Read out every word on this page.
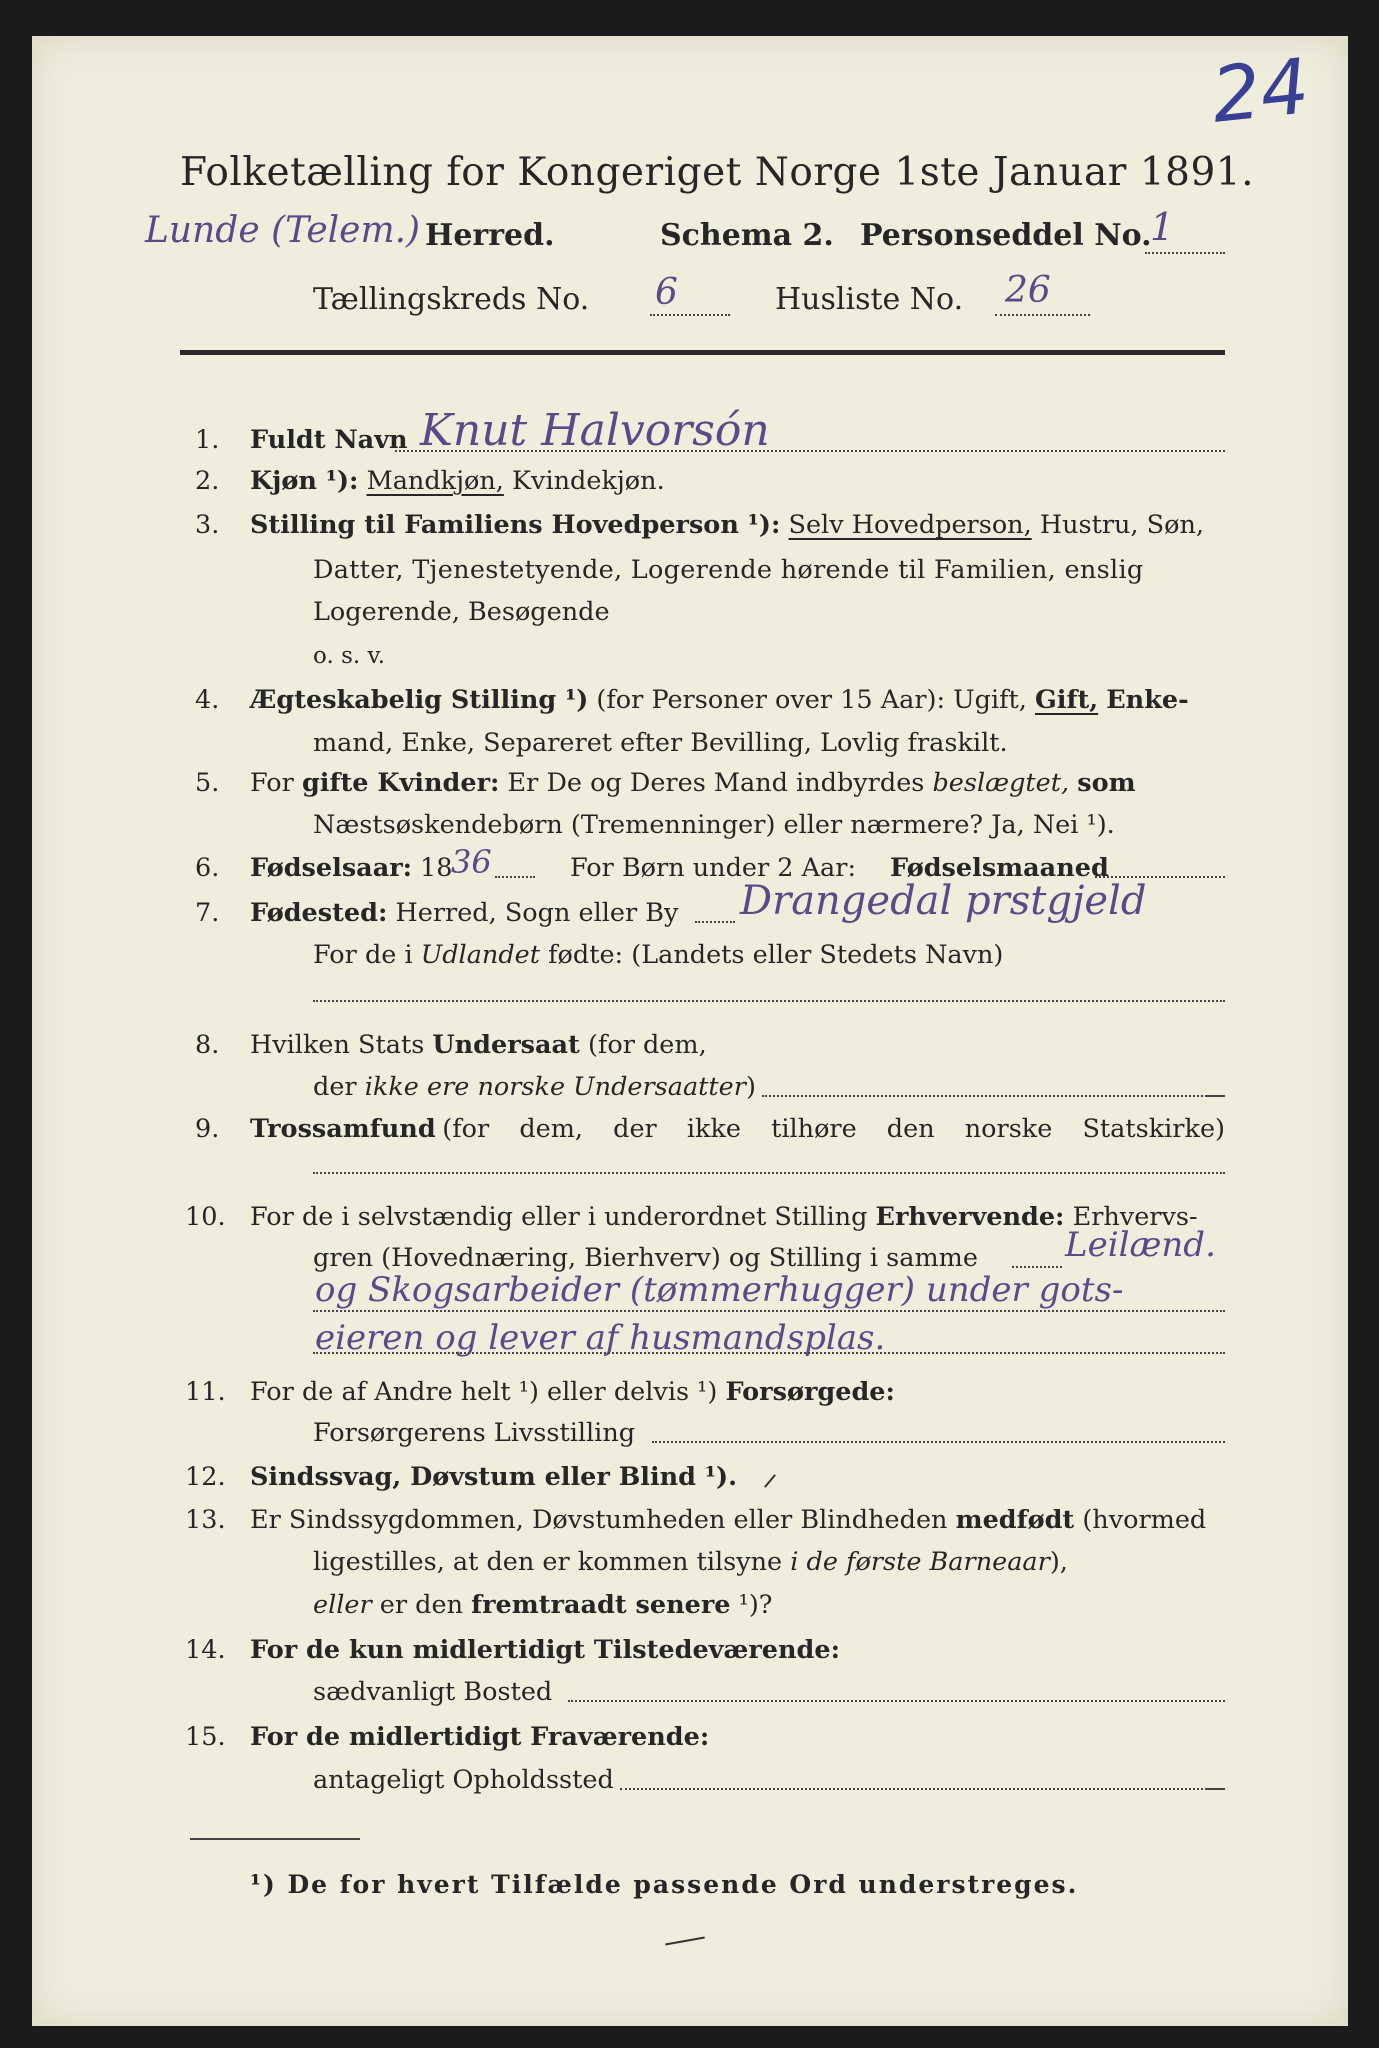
24
Folketælling for Kongeriget Norge 1ste Januar 1891.
Lunde (Telem.) Herred.	Schema 2. Personseddel No.
1
Tællingskreds No. 6	Husliste No. 26
1. Fuldt Navn Knut Halvorsón
2. Kjøn ¹): Mandkjøn, Kvindekjøn.
3. Stilling til Familiens Hovedperson ¹): Selv Hovedperson, Hustru, Søn,
Datter, Tjenestetyende, Logerende hørende til Familien, enslig
Logerende, Besøgende
o. s. v.
4. Ægteskabelig Stilling ¹) (for Personer over 15 Aar): Ugift, Gift, Enke-
mand, Enke, Separeret efter Bevilling, Lovlig fraskilt.
5. For gifte Kvinder: Er De og Deres Mand indbyrdes beslægtet, som
Næstsøskendebørn (Tremenninger) eller nærmere? Ja, Nei ¹).
6. Fødselsaar: 18
36	For Børn under 2 Aar: Fødselsmaaned
7. Fødested: Herred, Sogn eller By Drangedal prstgjeld
For de i Udlandet fødte: (Landets eller Stedets Navn)
8. Hvilken Stats Undersaat (for dem,
der ikke ere norske Undersaatter)
9. Trossamfund (for dem, der ikke tilhøre den norske Statskirke)
10. For de i selvstændig eller i underordnet Stilling Erhvervende: Erhvervs-
gren (Hovednæring, Bierhverv) og Stilling i samme	Leilænd.
og Skogsarbeider (tømmerhugger) under gots-
eieren og lever af husmandsplas.
11. For de af Andre helt ¹) eller delvis ¹) Forsørgede:
Forsørgerens Livsstilling
12. Sindssvag, Døvstum eller Blind ¹).
13. Er Sindssygdommen, Døvstumheden eller Blindheden medfødt (hvormed
ligestilles, at den er kommen tilsyne i de første Barneaar),
eller er den fremtraadt senere ¹)?
14. For de kun midlertidigt Tilstedeværende:
sædvanligt Bosted
15. For de midlertidigt Fraværende:
antageligt Opholdssted
¹) De for hvert Tilfælde passende Ord understreges.
